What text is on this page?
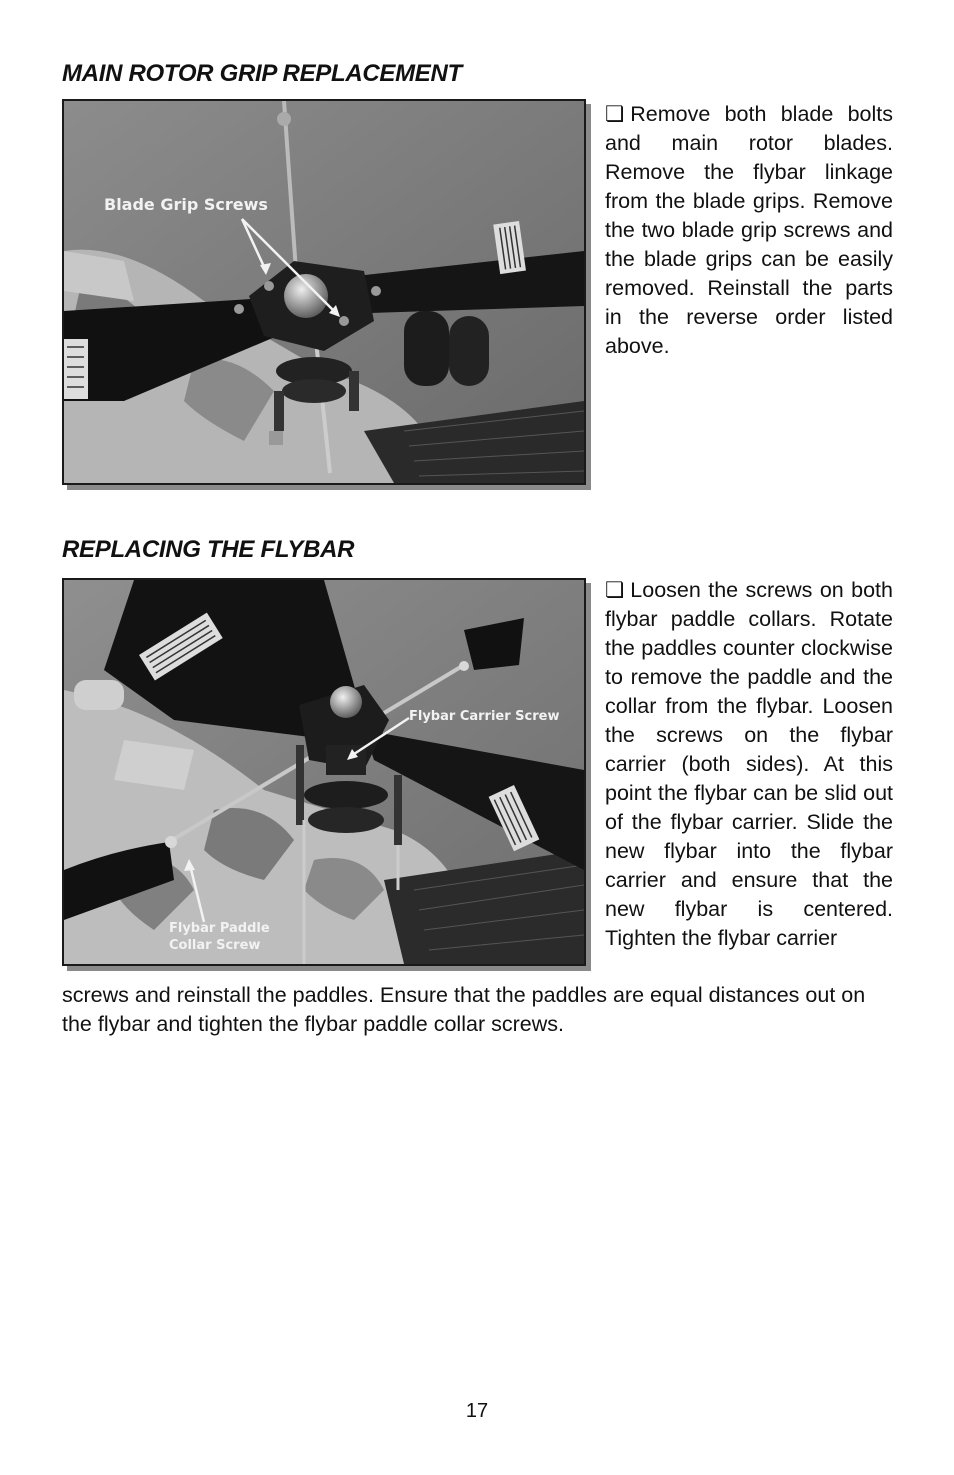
MAIN ROTOR GRIP REPLACEMENT
Blade Grip Screws

❏ Remove both blade bolts and main rotor blades. Remove the flybar linkage from the blade grips. Remove the two blade grip screws and the blade grips can be easily removed. Reinstall the parts in the reverse order listed above.

REPLACING THE FLYBAR
Flybar Carrier Screw
Flybar Paddle
Collar Screw

❏ Loosen the screws on both flybar paddle collars. Rotate the paddles counter clockwise to remove the paddle and the collar from the flybar. Loosen the screws on the flybar carrier (both sides). At this point the flybar can be slid out of the flybar carrier. Slide the new flybar into the flybar carrier and ensure that the new flybar is centered. Tighten the flybar carrier

screws and reinstall the paddles. Ensure that the paddles are equal distances out on the flybar and tighten the flybar paddle collar screws.

17
